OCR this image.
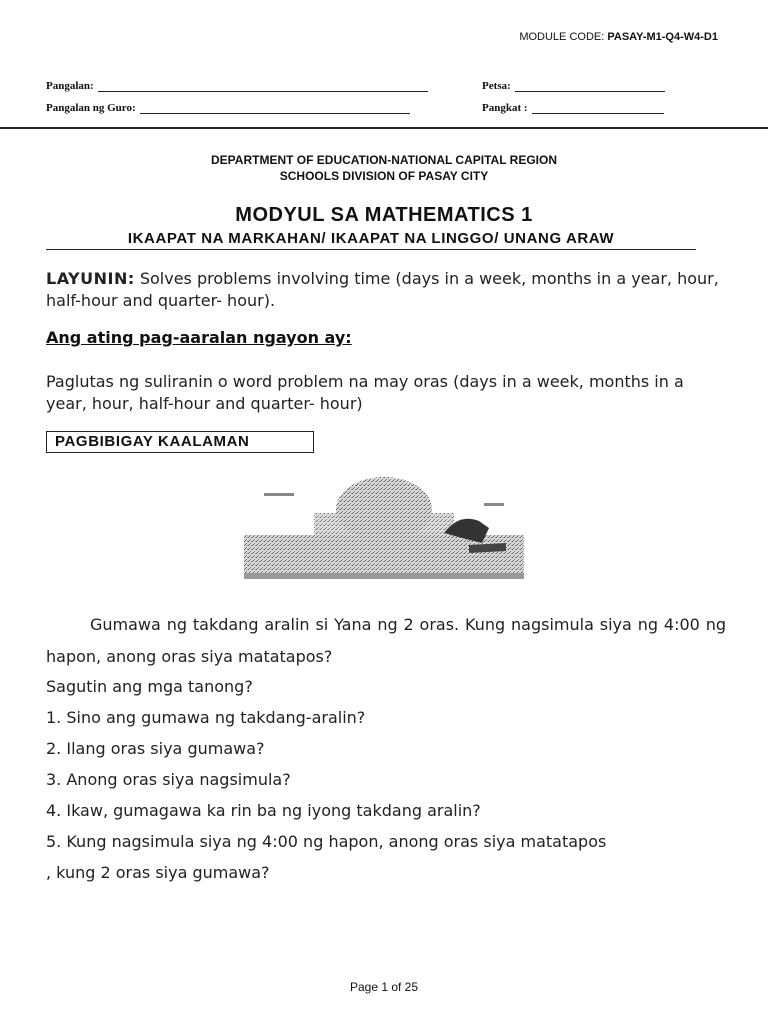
MODULE CODE: PASAY-M1-Q4-W4-D1
Pangalan:	Petsa:
Pangalan ng Guro:	Pangkat :
DEPARTMENT OF EDUCATION-NATIONAL CAPITAL REGION
SCHOOLS DIVISION OF PASAY CITY
MODYUL SA MATHEMATICS 1
IKAAPAT NA MARKAHAN/ IKAAPAT NA LINGGO/ UNANG ARAW
LAYUNIN: Solves problems involving time (days in a week, months in a year, hour, half-hour and quarter- hour).
Ang ating pag-aaralan ngayon ay:
Paglutas ng suliranin o word problem na may oras (days in a week, months in a year, hour, half-hour and quarter- hour)
PAGBIBIGAY KAALAMAN
Gumawa ng takdang aralin si Yana ng 2 oras. Kung nagsimula siya ng 4:00 ng hapon, anong oras siya matatapos?
Sagutin ang mga tanong?
1. Sino ang gumawa ng takdang-aralin?
2. Ilang oras siya gumawa?
3. Anong oras siya nagsimula?
4. Ikaw, gumagawa ka rin ba ng iyong takdang aralin?
5. Kung nagsimula siya ng 4:00 ng hapon, anong oras siya matatapos
, kung 2 oras siya gumawa?
Page 1 of 25
